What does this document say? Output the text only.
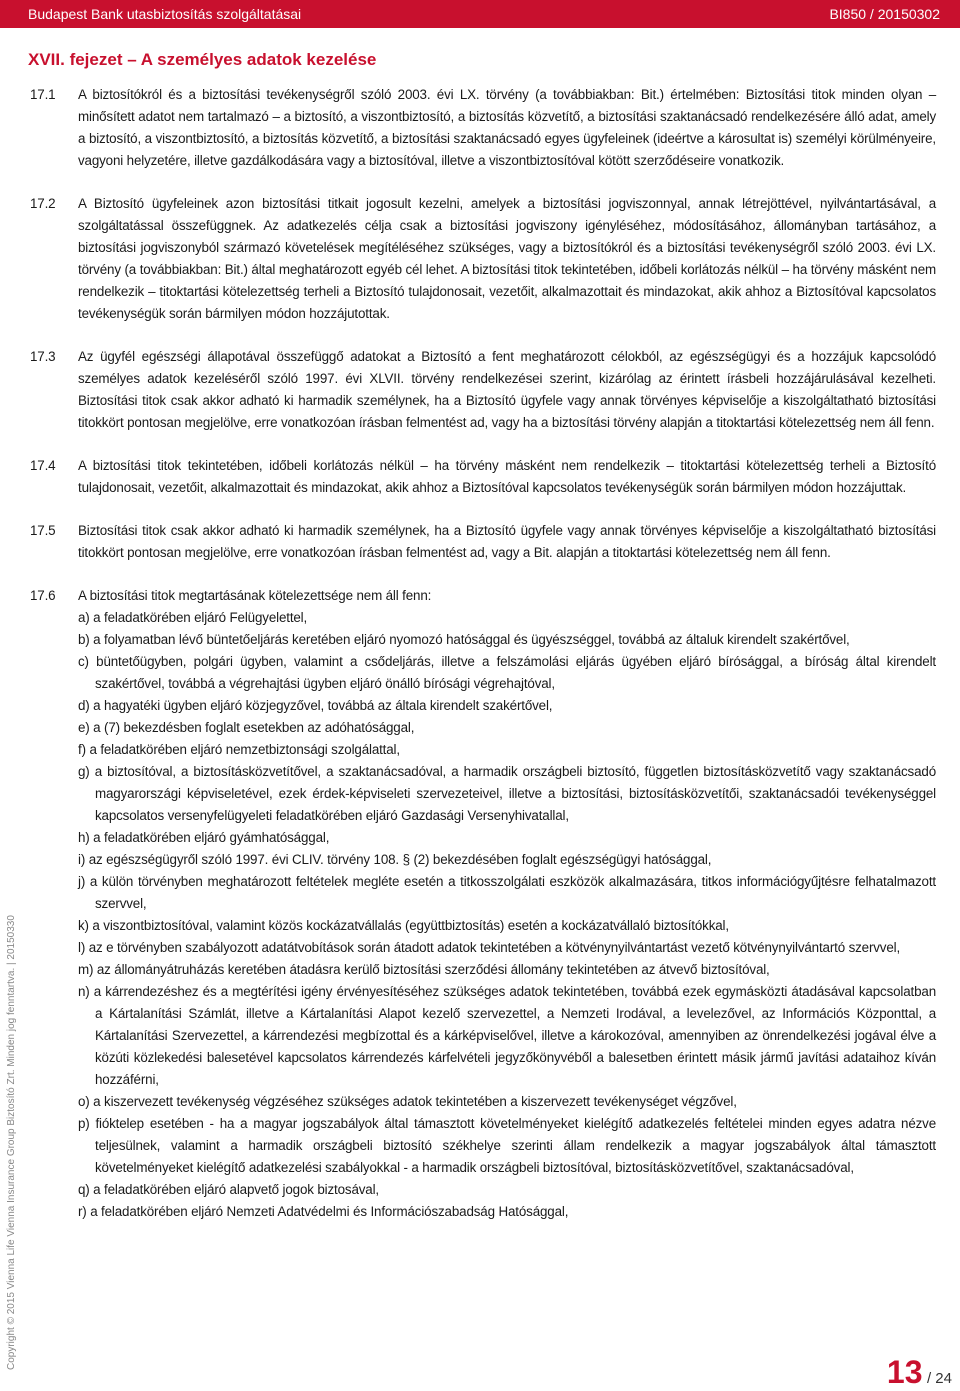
Budapest Bank utasbiztosítás szolgáltatásai	BI850 / 20150302
XVII. fejezet – A személyes adatok kezelése
17.1	A biztosítókról és a biztosítási tevékenységről szóló 2003. évi LX. törvény (a továbbiakban: Bit.) értelmében: Biztosítási titok minden olyan – minősített adatot nem tartalmazó – a biztosító, a viszontbiztosító, a biztosítás közvetítő, a biztosítási szaktanácsadó rendelkezésére álló adat, amely a biztosító, a viszontbiztosító, a biztosítás közvetítő, a biztosítási szaktanácsadó egyes ügyfeleinek (ideértve a károsultat is) személyi körülményeire, vagyoni helyzetére, illetve gazdálkodására vagy a biztosítóval, illetve a viszontbiztosítóval kötött szerződéseire vonatkozik.

17.2	A Biztosító ügyfeleinek azon biztosítási titkait jogosult kezelni, amelyek a biztosítási jogviszonnyal, annak létrejöttével, nyilvántartásával, a szolgáltatással összefüggnek. Az adatkezelés célja csak a biztosítási jogviszony igényléséhez, módosításához, állományban tartásához, a biztosítási jogviszonyból származó követelések megítéléséhez szükséges, vagy a biztosítókról és a biztosítási tevékenységről szóló 2003. évi LX. törvény (a továbbiakban: Bit.) által meghatározott egyéb cél lehet. A biztosítási titok tekintetében, időbeli korlátozás nélkül – ha törvény másként nem rendelkezik – titoktartási kötelezettség terheli a Biztosító tulajdonosait, vezetőit, alkalmazottait és mindazokat, akik ahhoz a Biztosítóval kapcsolatos tevékenységük során bármilyen módon hozzájutottak.

17.3	Az ügyfél egészségi állapotával összefüggő adatokat a Biztosító a fent meghatározott célokból, az egészségügyi és a hozzájuk kapcsolódó személyes adatok kezeléséről szóló 1997. évi XLVII. törvény rendelkezései szerint, kizárólag az érintett írásbeli hozzájárulásával kezelheti. Biztosítási titok csak akkor adható ki harmadik személynek, ha a Biztosító ügyfele vagy annak törvényes képviselője a kiszolgáltatható biztosítási titokkört pontosan megjelölve, erre vonatkozóan írásban felmentést ad, vagy ha a biztosítási törvény alapján a titoktartási kötelezettség nem áll fenn.

17.4	A biztosítási titok tekintetében, időbeli korlátozás nélkül – ha törvény másként nem rendelkezik – titoktartási kötelezettség terheli a Biztosító tulajdonosait, vezetőit, alkalmazottait és mindazokat, akik ahhoz a Biztosítóval kapcsolatos tevékenységük során bármilyen módon hozzájuttak.

17.5	Biztosítási titok csak akkor adható ki harmadik személynek, ha a Biztosító ügyfele vagy annak törvényes képviselője a kiszolgáltatható biztosítási titokkört pontosan megjelölve, erre vonatkozóan írásban felmentést ad, vagy a Bit. alapján a titoktartási kötelezettség nem áll fenn.

17.6	A biztosítási titok megtartásának kötelezettsége nem áll fenn:

a) a feladatkörében eljáró Felügyelettel,
b) a folyamatban lévő büntetőeljárás keretében eljáró nyomozó hatósággal és ügyészséggel, továbbá az általuk kirendelt szakértővel,
c) büntetőügyben, polgári ügyben, valamint a csődeljárás, illetve a felszámolási eljárás ügyében eljáró bírósággal, a bíróság által kirendelt szakértővel, továbbá a végrehajtási ügyben eljáró önálló bírósági végrehajtóval,
d) a hagyatéki ügyben eljáró közjegyzővel, továbbá az általa kirendelt szakértővel,
e) a (7) bekezdésben foglalt esetekben az adóhatósággal,
f) a feladatkörében eljáró nemzetbiztonsági szolgálattal,
g) a biztosítóval, a biztosításközvetítővel, a szaktanácsadóval, a harmadik országbeli biztosító, független biztosításközvetítő vagy szaktanácsadó magyarországi képviseletével, ezek érdek-képviseleti szervezeteivel, illetve a biztosítási, biztosításközvetítői, szaktanácsadói tevékenységgel kapcsolatos versenyfelügyeleti feladatkörében eljáró Gazdasági Versenyhivatallal,
h) a feladatkörében eljáró gyámhatósággal,
i) az egészségügyről szóló 1997. évi CLIV. törvény 108. § (2) bekezdésében foglalt egészségügyi hatósággal,
j) a külön törvényben meghatározott feltételek megléte esetén a titkosszolgálati eszközök alkalmazására, titkos információgyűjtésre felhatalmazott szervvel,
k) a viszontbiztosítóval, valamint közös kockázatvállalás (együttbiztosítás) esetén a kockázatvállaló biztosítókkal,
l) az e törvényben szabályozott adatátvobítások során átadott adatok tekintetében a kötvénynyilvántartást vezető kötvénynyilvántartó szervvel,
m) az állományátruházás keretében átadásra kerülő biztosítási szerződési állomány tekintetében az átvevő biztosítóval,
n) a kárrendezéshez és a megtérítési igény érvényesítéséhez szükséges adatok tekintetében, továbbá ezek egymásközti átadásával kapcsolatban a Kártalanítási Számlát, illetve a Kártalanítási Alapot kezelő szervezettel, a Nemzeti Irodával, a levelezővel, az Információs Központtal, a Kártalanítási Szervezettel, a kárrendezési megbízottal és a kárképviselővel, illetve a károkozóval, amennyiben az önrendelkezési jogával élve a közúti közlekedési balesetével kapcsolatos kárrendezés kárfelvételi jegyzőkönyvéből a balesetben érintett másik jármű javítási adataihoz kíván hozzáférni,
o) a kiszervezett tevékenység végzéséhez szükséges adatok tekintetében a kiszervezett tevékenységet végzővel,
p) fióktelep esetében - ha a magyar jogszabályok által támasztott követelményeket kielégítő adatkezelés feltételei minden egyes adatra nézve teljesülnek, valamint a harmadik országbeli biztosító székhelye szerinti állam rendelkezik a magyar jogszabályok által támasztott követelményeket kielégítő adatkezelési szabályokkal - a harmadik országbeli biztosítóval, biztosításközvetítővel, szaktanácsadóval,
q) a feladatkörében eljáró alapvető jogok biztosával,
r) a feladatkörében eljáró Nemzeti Adatvédelmi és Információszabadság Hatósággal,
Copyright © 2015 Vienna Life Vienna Insurance Group Biztosító Zrt. Minden jog fenntartva. | 20150330
13 / 24
